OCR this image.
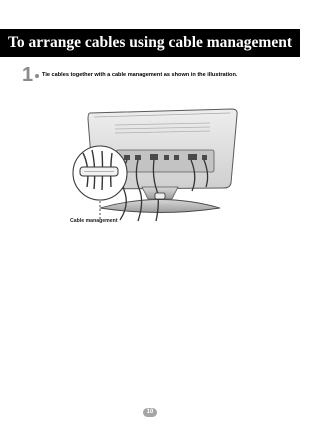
To arrange cables using cable management
1 Tie cables together with a cable management as shown in the illustration.
Cable management
10
